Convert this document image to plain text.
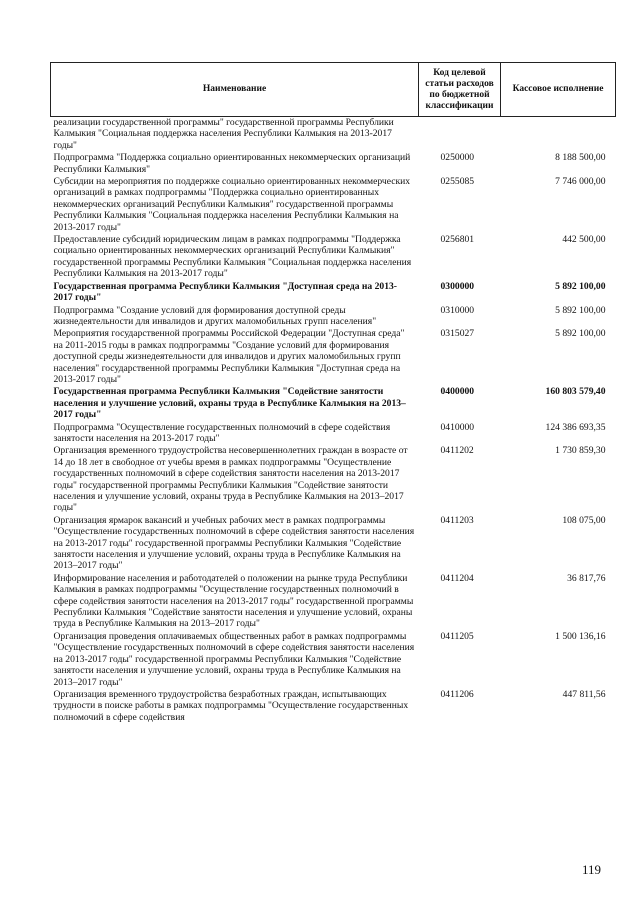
Наименование	Код целевой статьи расходов по бюджетной классификации	Кассовое исполнение
реализации государственной программы" государственной программы Республики Калмыкия "Социальная поддержка населения Республики Калмыкия на 2013-2017 годы"		
Подпрограмма "Поддержка социально ориентированных некоммерческих организаций Республики Калмыкия"	0250000	8 188 500,00
Субсидии на мероприятия по поддержке социально ориентированных некоммерческих организаций в рамках подпрограммы "Поддержка социально ориентированных некоммерческих организаций Республики Калмыкия" государственной программы Республики Калмыкия "Социальная поддержка населения Республики Калмыкия на 2013-2017 годы"	0255085	7 746 000,00
Предоставление субсидий юридическим лицам в рамках подпрограммы "Поддержка социально ориентированных некоммерческих организаций Республики Калмыкия" государственной программы Республики Калмыкия "Социальная поддержка населения Республики Калмыкия на 2013-2017 годы"	0256801	442 500,00
Государственная программа Республики Калмыкия "Доступная среда на 2013-2017 годы"	0300000	5 892 100,00
Подпрограмма "Создание условий для формирования доступной среды жизнедеятельности для инвалидов и других маломобильных групп населения"	0310000	5 892 100,00
Мероприятия государственной программы Российской Федерации "Доступная среда" на 2011-2015 годы в рамках подпрограммы "Создание условий для формирования доступной среды жизнедеятельности для инвалидов и других маломобильных групп населения" государственной программы Республики Калмыкия "Доступная среда на 2013-2017 годы"	0315027	5 892 100,00
Государственная программа Республики Калмыкия "Содействие занятости населения и улучшение условий, охраны труда в Республике Калмыкия на 2013–2017 годы"	0400000	160 803 579,40
Подпрограмма "Осуществление государственных полномочий в сфере содействия занятости населения на 2013-2017 годы"	0410000	124 386 693,35
Организация временного трудоустройства несовершеннолетних граждан в возрасте от 14 до 18 лет в свободное от учебы время в рамках подпрограммы "Осуществление государственных полномочий в сфере содействия занятости населения на 2013-2017 годы" государственной программы Республики Калмыкия "Содействие занятости населения и улучшение условий, охраны труда в Республике Калмыкия на 2013–2017 годы"	0411202	1 730 859,30
Организация ярмарок вакансий и учебных рабочих мест в рамках подпрограммы "Осуществление государственных полномочий в сфере содействия занятости населения на 2013-2017 годы" государственной программы Республики Калмыкия "Содействие занятости населения и улучшение условий, охраны труда в Республике Калмыкия на 2013–2017 годы"	0411203	108 075,00
Информирование населения и работодателей о положении на рынке труда Республики Калмыкия в рамках подпрограммы "Осуществление государственных полномочий в сфере содействия занятости населения на 2013-2017 годы" государственной программы Республики Калмыкия "Содействие занятости населения и улучшение условий, охраны труда в Республике Калмыкия на 2013–2017 годы"	0411204	36 817,76
Организация проведения оплачиваемых общественных работ в рамках подпрограммы "Осуществление государственных полномочий в сфере содействия занятости населения на 2013-2017 годы" государственной программы Республики Калмыкия "Содействие занятости населения и улучшение условий, охраны труда в Республике Калмыкия на 2013–2017 годы"	0411205	1 500 136,16
Организация временного трудоустройства безработных граждан, испытывающих трудности в поиске работы в рамках подпрограммы "Осуществление государственных полномочий в сфере содействия	0411206	447 811,56
119
